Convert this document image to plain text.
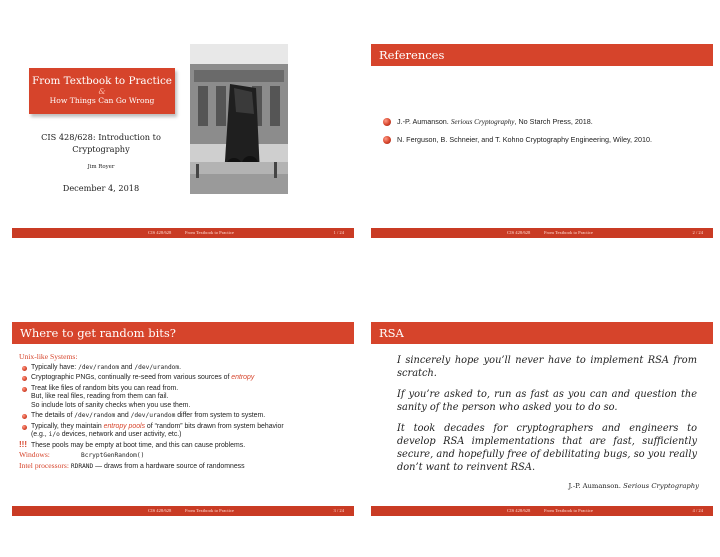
From Textbook to Practice
&
How Things Can Go Wrong
CIS 428/628: Introduction to
Cryptography
Jim Royer
December 4, 2018
CIS 428/628	From Textbook to Practice	1 / 24
References
J.-P. Aumanson. Serious Cryptography, No Starch Press, 2018.
N. Ferguson, B. Schneier, and T. Kohno Cryptography Engineering, Wiley, 2010.
CIS 428/628	From Textbook to Practice	2 / 24
Where to get random bits?
Unix-like Systems:
Typically have: /dev/random and /dev/urandom.
Cryptographic PNGs, continually re-seed from various sources of entropy
Treat like files of random bits you can read from.
But, like real files, reading from them can fail.
So include lots of sanity checks when you use them.
The details of /dev/random and /dev/urandom differ from system to system.
Typically, they maintain entropy pools of “random” bits drawn from system behavior
(e.g., i/o devices, network and user activity, etc.)
!!! These pools may be empty at boot time, and this can cause problems.
Windows:	BcryptGenRandom()
Intel processors: RDRAND — draws from a hardware source of randomness
CIS 428/628	From Textbook to Practice	3 / 24
RSA

I sincerely hope you’ll never have to implement RSA from scratch.

If you’re asked to, run as fast as you can and question the sanity of the person who asked you to do so.

It took decades for cryptographers and engineers to develop RSA implementations that are fast, sufficiently secure, and hopefully free of debilitating bugs, so you really don’t want to reinvent RSA.

J.-P. Aumanson. Serious Cryptography
CIS 428/628	From Textbook to Practice	4 / 24
